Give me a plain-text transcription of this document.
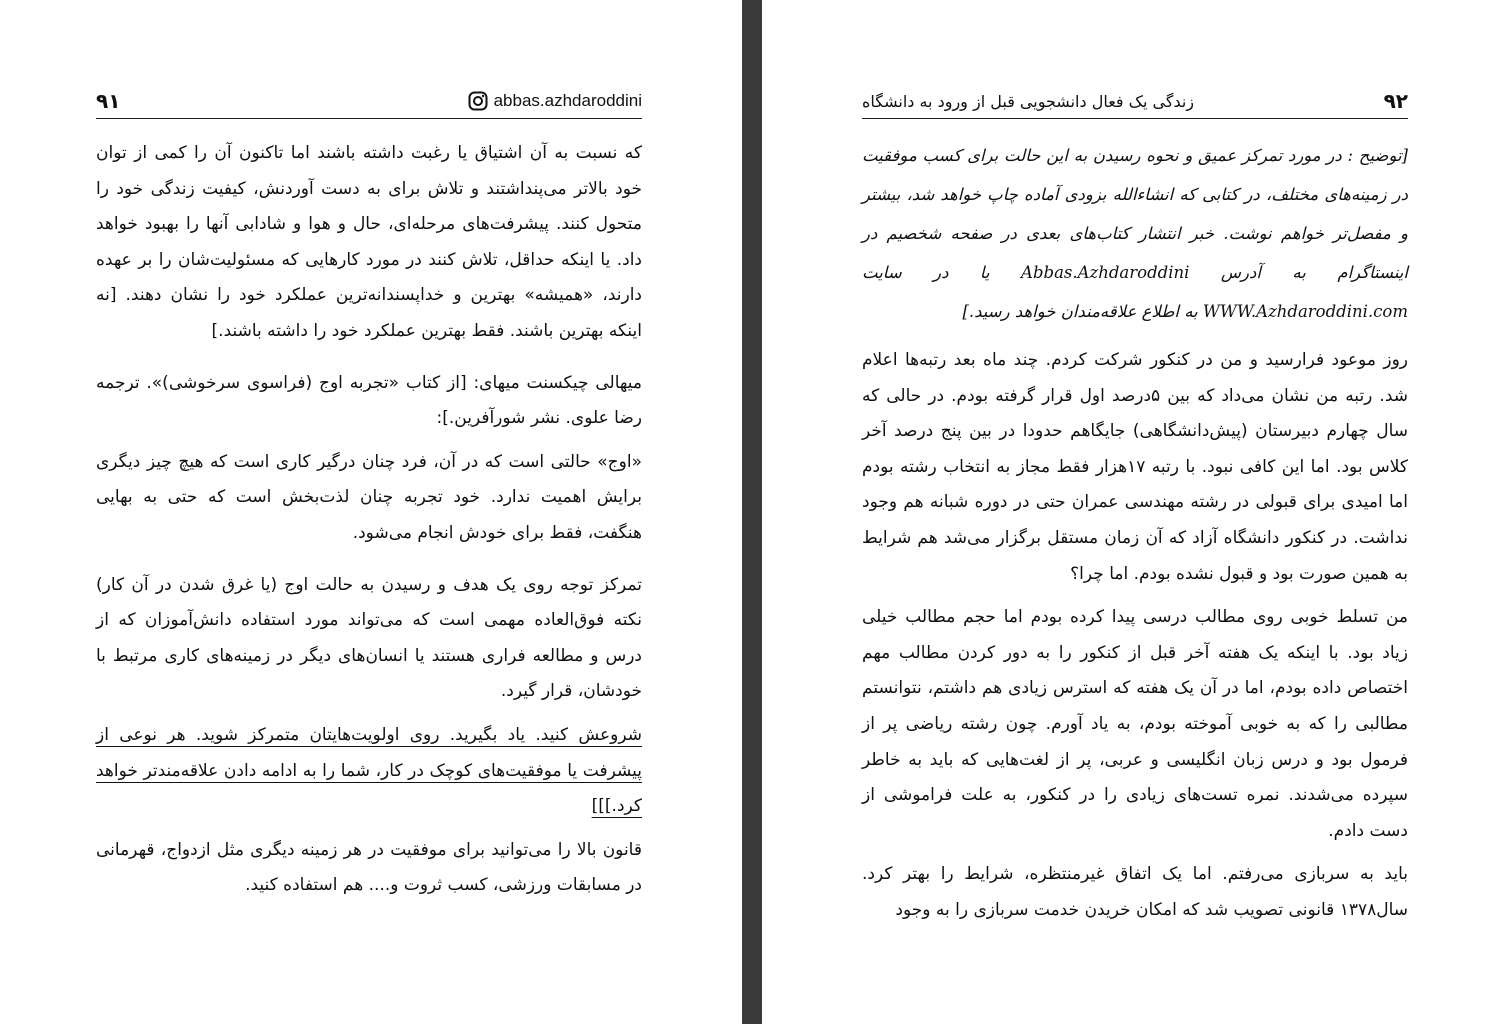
۹۱	abbas.azhdaroddini

که نسبت به آن اشتیاق یا رغبت داشته باشند اما تاکنون آن را کمی از توان خود بالاتر می‌پنداشتند و تلاش برای به دست آوردنش، کیفیت زندگی خود را متحول کنند. پیشرفت‌های مرحله‌ای، حال و هوا و شادابی آنها را بهبود خواهد داد. یا اینکه حداقل، تلاش کنند در مورد کارهایی که مسئولیت‌شان را بر عهده دارند، «همیشه» بهترین و خداپسندانه‌ترین عملکرد خود را نشان دهند. [نه اینکه بهترین باشند. فقط بهترین عملکرد خود را داشته باشند.]

میهالی چیکسنت میهای: [از کتاب «تجربه اوج (فراسوی سرخوشی)». ترجمه رضا علوی. نشر شورآفرین.]:

«اوج» حالتی است که در آن، فرد چنان درگیر کاری است که هیچ چیز دیگری برایش اهمیت ندارد. خود تجربه چنان لذت‌بخش است که حتی به بهایی هنگفت، فقط برای خودش انجام می‌شود.

تمرکز توجه روی یک هدف و رسیدن به حالت اوج (یا غرق شدن در آن کار) نکته فوق‌العاده مهمی است که می‌تواند مورد استفاده دانش‌آموزان که از درس و مطالعه فراری هستند یا انسان‌های دیگر در زمینه‌های کاری مرتبط با خودشان، قرار گیرد.

شروعش کنید. یاد بگیرید. روی اولویت‌هایتان متمرکز شوید. هر نوعی از پیشرفت یا موفقیت‌های کوچک در کار، شما را به ادامه دادن علاقه‌مندتر خواهد کرد.]]]

قانون بالا را می‌توانید برای موفقیت در هر زمینه دیگری مثل ازدواج، قهرمانی در مسابقات ورزشی، کسب ثروت و.... هم استفاده کنید.

زندگی یک فعال دانشجویی قبل از ورود به دانشگاه	۹۲

[توضیح : در مورد تمرکز عمیق و نحوه رسیدن به این حالت برای کسب موفقیت در زمینه‌های مختلف، در کتابی که انشاءالله بزودی آماده چاپ خواهد شد، بیشتر و مفصل‌تر خواهم نوشت. خبر انتشار کتاب‌های بعدی در صفحه شخصیم در اینستاگرام به آدرس Abbas.Azhdaroddini یا در سایت WWW.Azhdaroddini.com به اطلاع علاقه‌مندان خواهد رسید.]

روز موعود فرارسید و من در کنکور شرکت کردم. چند ماه بعد رتبه‌ها اعلام شد. رتبه من نشان می‌داد که بین ۵درصد اول قرار گرفته بودم. در حالی که سال چهارم دبیرستان (پیش‌دانشگاهی) جایگاهم حدودا در بین پنج درصد آخر کلاس بود. اما این کافی نبود. با رتبه ۱۷هزار فقط مجاز به انتخاب رشته بودم اما امیدی برای قبولی در رشته مهندسی عمران حتی در دوره شبانه هم وجود نداشت. در کنکور دانشگاه آزاد که آن زمان مستقل برگزار می‌شد هم شرایط به همین صورت بود و قبول نشده بودم. اما چرا؟

من تسلط خوبی روی مطالب درسی پیدا کرده بودم اما حجم مطالب خیلی زیاد بود. با اینکه یک هفته آخر قبل از کنکور را به دور کردن مطالب مهم اختصاص داده بودم، اما در آن یک هفته که استرس زیادی هم داشتم، نتوانستم مطالبی را که به خوبی آموخته بودم، به یاد آورم. چون رشته ریاضی پر از فرمول بود و درس زبان انگلیسی و عربی، پر از لغت‌هایی که باید به خاطر سپرده می‌شدند. نمره تست‌های زیادی را در کنکور، به علت فراموشی از دست دادم.

باید به سربازی می‌رفتم. اما یک اتفاق غیرمنتظره، شرایط را بهتر کرد. سال۱۳۷۸ قانونی تصویب شد که امکان خریدن خدمت سربازی را به وجود
